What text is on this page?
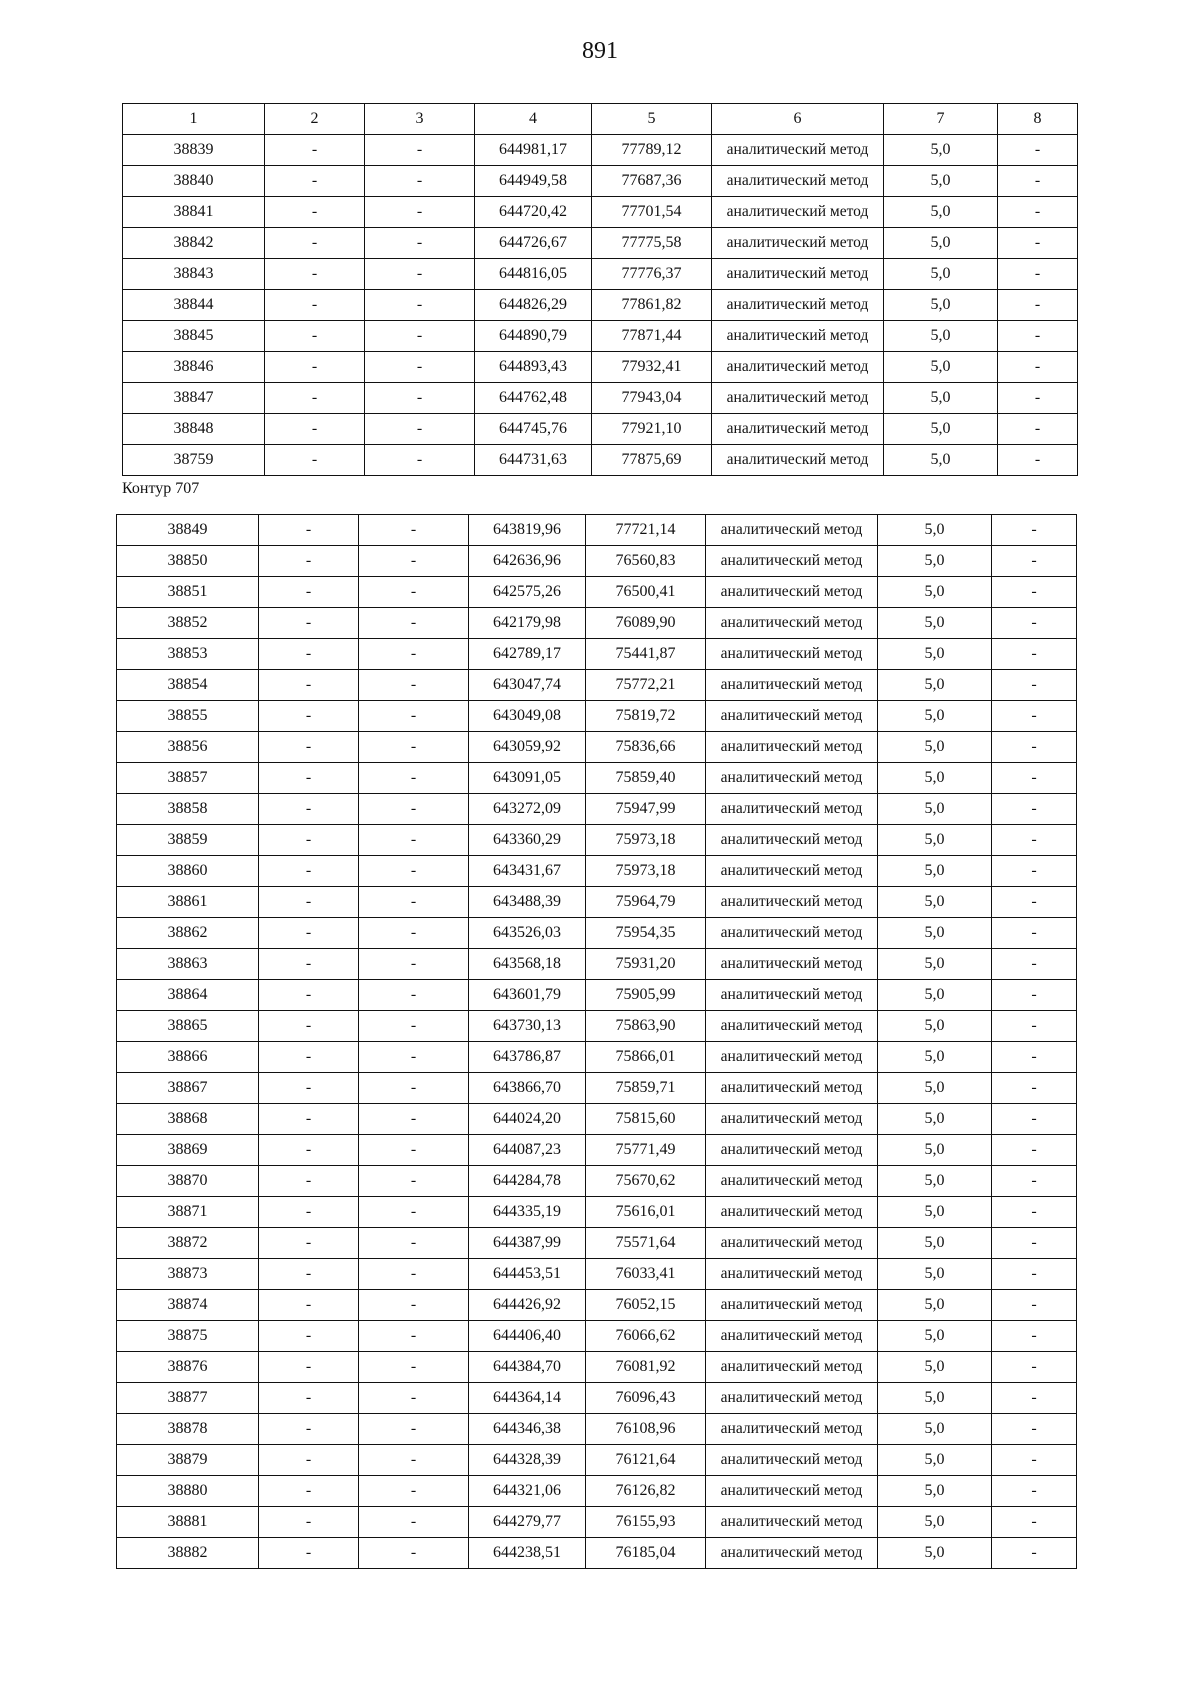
891
1	2	3	4	5	6	7	8
38839	-	-	644981,17	77789,12	аналитический метод	5,0	-
38840	-	-	644949,58	77687,36	аналитический метод	5,0	-
38841	-	-	644720,42	77701,54	аналитический метод	5,0	-
38842	-	-	644726,67	77775,58	аналитический метод	5,0	-
38843	-	-	644816,05	77776,37	аналитический метод	5,0	-
38844	-	-	644826,29	77861,82	аналитический метод	5,0	-
38845	-	-	644890,79	77871,44	аналитический метод	5,0	-
38846	-	-	644893,43	77932,41	аналитический метод	5,0	-
38847	-	-	644762,48	77943,04	аналитический метод	5,0	-
38848	-	-	644745,76	77921,10	аналитический метод	5,0	-
38759	-	-	644731,63	77875,69	аналитический метод	5,0	-
Контур 707
38849	-	-	643819,96	77721,14	аналитический метод	5,0	-
38850	-	-	642636,96	76560,83	аналитический метод	5,0	-
38851	-	-	642575,26	76500,41	аналитический метод	5,0	-
38852	-	-	642179,98	76089,90	аналитический метод	5,0	-
38853	-	-	642789,17	75441,87	аналитический метод	5,0	-
38854	-	-	643047,74	75772,21	аналитический метод	5,0	-
38855	-	-	643049,08	75819,72	аналитический метод	5,0	-
38856	-	-	643059,92	75836,66	аналитический метод	5,0	-
38857	-	-	643091,05	75859,40	аналитический метод	5,0	-
38858	-	-	643272,09	75947,99	аналитический метод	5,0	-
38859	-	-	643360,29	75973,18	аналитический метод	5,0	-
38860	-	-	643431,67	75973,18	аналитический метод	5,0	-
38861	-	-	643488,39	75964,79	аналитический метод	5,0	-
38862	-	-	643526,03	75954,35	аналитический метод	5,0	-
38863	-	-	643568,18	75931,20	аналитический метод	5,0	-
38864	-	-	643601,79	75905,99	аналитический метод	5,0	-
38865	-	-	643730,13	75863,90	аналитический метод	5,0	-
38866	-	-	643786,87	75866,01	аналитический метод	5,0	-
38867	-	-	643866,70	75859,71	аналитический метод	5,0	-
38868	-	-	644024,20	75815,60	аналитический метод	5,0	-
38869	-	-	644087,23	75771,49	аналитический метод	5,0	-
38870	-	-	644284,78	75670,62	аналитический метод	5,0	-
38871	-	-	644335,19	75616,01	аналитический метод	5,0	-
38872	-	-	644387,99	75571,64	аналитический метод	5,0	-
38873	-	-	644453,51	76033,41	аналитический метод	5,0	-
38874	-	-	644426,92	76052,15	аналитический метод	5,0	-
38875	-	-	644406,40	76066,62	аналитический метод	5,0	-
38876	-	-	644384,70	76081,92	аналитический метод	5,0	-
38877	-	-	644364,14	76096,43	аналитический метод	5,0	-
38878	-	-	644346,38	76108,96	аналитический метод	5,0	-
38879	-	-	644328,39	76121,64	аналитический метод	5,0	-
38880	-	-	644321,06	76126,82	аналитический метод	5,0	-
38881	-	-	644279,77	76155,93	аналитический метод	5,0	-
38882	-	-	644238,51	76185,04	аналитический метод	5,0	-
